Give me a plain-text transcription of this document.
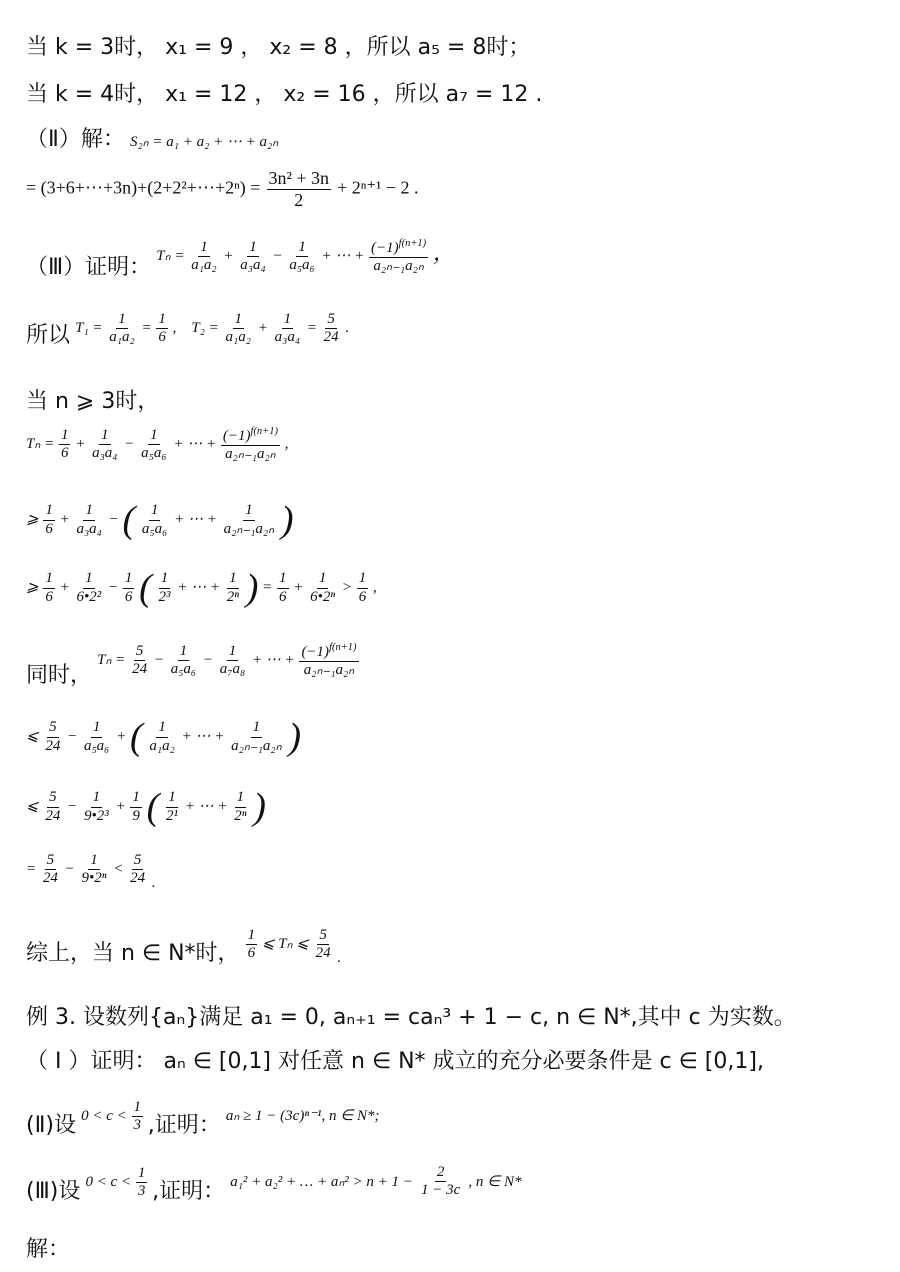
当 k = 3时， x₁ = 9 ， x₂ = 8 ，所以 a₅ = 8时；
当 k = 4时， x₁ = 12 ， x₂ = 16 ，所以 a₇ = 12 .
（Ⅱ）解： S₂ₙ = a₁ + a₂ + ⋯ + a₂ₙ
= (3+6+⋯+3n)+(2+2²+⋯+2ⁿ) = $\frac{\text{3n² + 3n}}{2} + 2^{n+1} - 2$ .
（Ⅲ）证明： $T_n = \frac{1}{\text{a₁a₂}} + \frac{1}{\text{a₃a₄}} - \frac{1}{\text{a₅a₆}}$ + ⋯ + $\frac{(-1)^{f(n+1)}}{\text{a₂ₙ₋₁a₂ₙ}}$ ，
所以 $T_1 = \frac{1}{\text{a₁a₂}} = \frac{1}{6}$ ,    $T_2 = \frac{1}{\text{a₁a₂}} + \frac{1}{\text{a₃a₄}} = \frac{5}{24}$ .
当 n ⩾ 3时，
$T_n = \frac{1}{6} + \frac{1}{\text{a₃a₄}} - \frac{1}{\text{a₅a₆}}$ + ⋯ + $\frac{(-1)^{f(n+1)}}{\text{a₂ₙ₋₁a₂ₙ}}$ ,
⩾ $\frac{1}{6} + \frac{1}{\text{a₃a₄}}$ − ( $\frac{1}{\text{a₅a₆}}$ + ⋯ + $\frac{1}{\text{a₂ₙ₋₁a₂ₙ}}$ )
⩾ $\frac{1}{6} + \frac{1}{\text{6•2²}} - \frac{1}{6}$ ( $\frac{1}{\text{2³}}$ + ⋯ + $\frac{1}{\text{2ⁿ}}$ ) = $\frac{1}{6} + \frac{1}{\text{6•2ⁿ}} > \frac{1}{6}$ ,
同时， $T_n = \frac{5}{24} - \frac{1}{\text{a₅a₆}} - \frac{1}{\text{a₇a₈}}$ + ⋯ + $\frac{(-1)^{f(n+1)}}{\text{a₂ₙ₋₁a₂ₙ}}$
⩽ $\frac{5}{24} - \frac{1}{\text{a₅a₆}}$ + ( $\frac{1}{\text{a₁a₂}}$ + ⋯ + $\frac{1}{\text{a₂ₙ₋₁a₂ₙ}}$ )
⩽ $\frac{5}{24} - \frac{1}{\text{9•2³}} + \frac{1}{9}$ ( $\frac{1}{\text{2¹}}$ + ⋯ + $\frac{1}{\text{2ⁿ}}$ )
= $\frac{5}{24} - \frac{1}{\text{9•2ⁿ}} < \frac{5}{24}$ .
综上，当 n ∈ N*时， $\frac{1}{6}$ ⩽ Tₙ ⩽ $\frac{5}{24}$ .
例 3. 设数列{aₙ}满足 a₁ = 0, aₙ₊₁ = caₙ³ + 1 − c, n ∈ N*,其中 c 为实数。
（ Ⅰ ）证明： aₙ ∈ [0,1] 对任意 n ∈ N* 成立的充分必要条件是 c ∈ [0,1],
(Ⅱ)设 $0 < c < \frac{1}{3}$ ,证明： aₙ ≥ 1 − (3c)ⁿ⁻¹, n ∈ N*;
(Ⅲ)设 $0 < c < \frac{1}{3}$ ,证明： a₁² + a₂² + … + $a_n^2 > n + 1 - \frac{2}{1 - 3c}$ , n ∈ N*
解：
